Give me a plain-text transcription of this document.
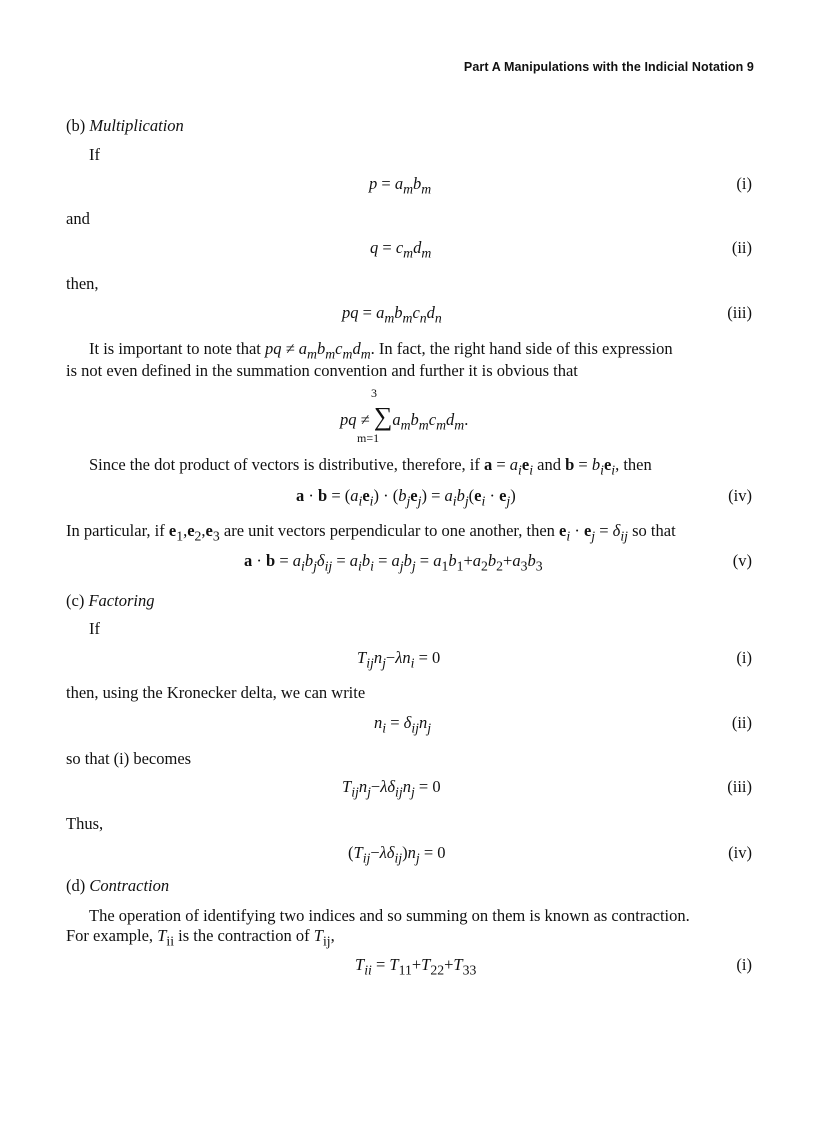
Part A Manipulations with the Indicial Notation 9
(b) Multiplication
If
$p = a_mb_m$	(i)
and
$q = c_md_m$	(ii)
then,
pq = $a_mb_mc_nd_n$	(iii)
It is important to note that pq ≠ $a_mb_mc_md_m$. In fact, the right hand side of this expression
is not even defined in the summation convention and further it is obvious that
3
pq ≠ $\sum a_mb_mc_md_m$.
m=1
Since the dot product of vectors is distributive, therefore, if $a = a_ie_i$ and $b = b_ie_i$, then
$a \cdot b = (a_ie_i) \cdot (b_je_j) = a_ib_j(e_i \cdot e_j)$	(iv)
In particular, if $e_1,e_2,e_3$ are unit vectors perpendicular to one another, then $e_i \cdot e_j = \delta_{ij}$ so that
$a \cdot b = a_ib_j\delta_{ij} = a_ib_i = a_jb_j = a_1b_1+a_2b_2+a_3b_3$	(v)
(c) Factoring
If
$T_{ij}n_j-\lambda n_i = 0$	(i)
then, using the Kronecker delta, we can write
$n_i = \delta_{ij}n_j$	(ii)
so that (i) becomes
$T_{ij}n_j-\lambda\delta_{ij}n_j = 0$	(iii)
Thus,
$(T_{ij}-\lambda\delta_{ij})n_j = 0$	(iv)
(d) Contraction
The operation of identifying two indices and so summing on them is known as contraction.
For example, $T_{ii}$ is the contraction of $T_{ij}$,
$T_{ii} = T_{11}+T_{22}+T_{33}$	(i)
